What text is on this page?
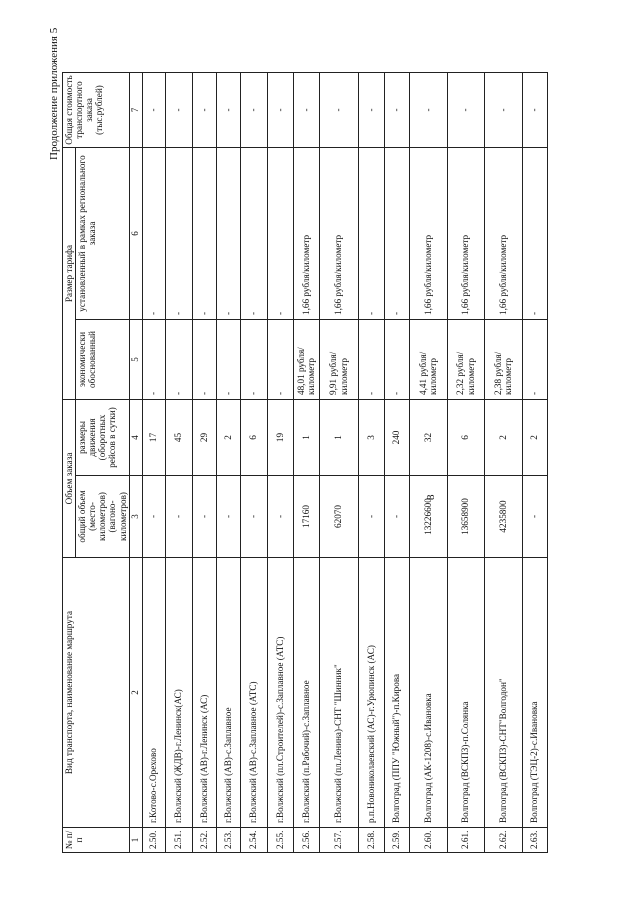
8
Продолжение приложения 5
№ п/п	Вид транспорта, наименование маршрута	Объем заказа		Размер тарифа		Общая стоимость транспортного заказа (тыс.рублей)
		общий объем (место-километров) (вагоно-километров)	размеры движения (оборотных рейсов в сутки)	экономически обоснованный	установленный в рамках регионального заказа	
1	2	3	4	5	6	7
2.50.	г.Котово-с.Орехово	-	17	-	-	-
2.51.	г.Волжский (ЖДВ)-г.Ленинск(АС)	-	45	-	-	-
2.52.	г.Волжский (АВ)-г.Ленинск (АС)	-	29	-	-	-
2.53.	г.Волжский (АВ)-с.Заплавное	-	2	-	-	-
2.54.	г.Волжский (АВ)-с.Заплавное (АТС)	-	6	-	-	-
2.55.	г.Волжский (пл.Строителей)-с.Заплавное (АТС)	-	19	-	-	-
2.56.	г.Волжский (п.Рабочий)-с.Заплавное	17160	1	48,01 рубля/ километр	1,66 рубля/километр	-
2.57.	г.Волжский (пл.Ленина)-СНТ "Шинник"	62070	1	9,91 рубля/ километр	1,66 рубля/километр	-
2.58.	р.п.Новониколаевский (АС)-г.Урюпинск (АС)	-	3	-	-	-
2.59.	Волгоград (ППУ "Южный")-п.Кирова	-	240	-	-	-
2.60.	Волгоград (АК-1208)-с.Ивановка	13226600	32	4,41 рубля/ километр	1,66 рубля/километр	-
2.61.	Волгоград (ВСКПЗ)-п.Солянка	13658900	6	2,32 рубля/ километр	1,66 рубля/километр	-
2.62.	Волгоград (ВСКПЗ)-СНТ"Волгодон"	4235800	2	2,38 рубля/ километр	1,66 рубля/километр	-
2.63.	Волгоград (ТЭЦ-2)-с.Ивановка	-	2	-	-	-
